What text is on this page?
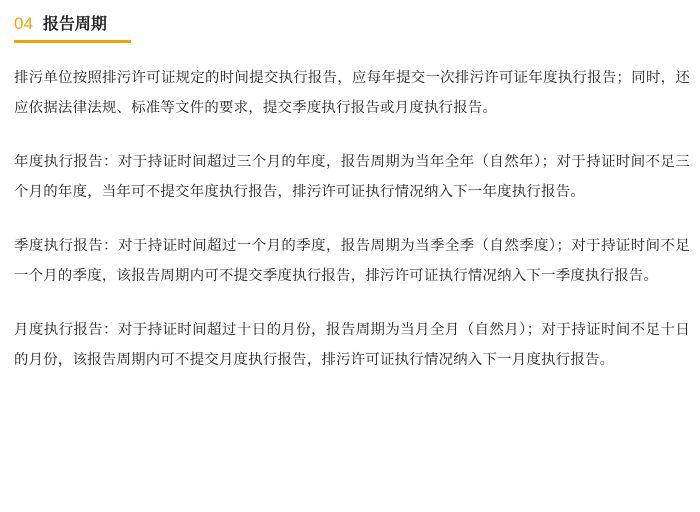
04 报告周期

排污单位按照排污许可证规定的时间提交执行报告，应每年提交一次排污许可证年度执行报告；同时，还应依据法律法规、标准等文件的要求，提交季度执行报告或月度执行报告。

年度执行报告：对于持证时间超过三个月的年度，报告周期为当年全年（自然年）；对于持证时间不足三个月的年度，当年可不提交年度执行报告，排污许可证执行情况纳入下一年度执行报告。

季度执行报告：对于持证时间超过一个月的季度，报告周期为当季全季（自然季度）；对于持证时间不足一个月的季度，该报告周期内可不提交季度执行报告，排污许可证执行情况纳入下一季度执行报告。

月度执行报告：对于持证时间超过十日的月份，报告周期为当月全月（自然月）；对于持证时间不足十日的月份，该报告周期内可不提交月度执行报告，排污许可证执行情况纳入下一月度执行报告。
